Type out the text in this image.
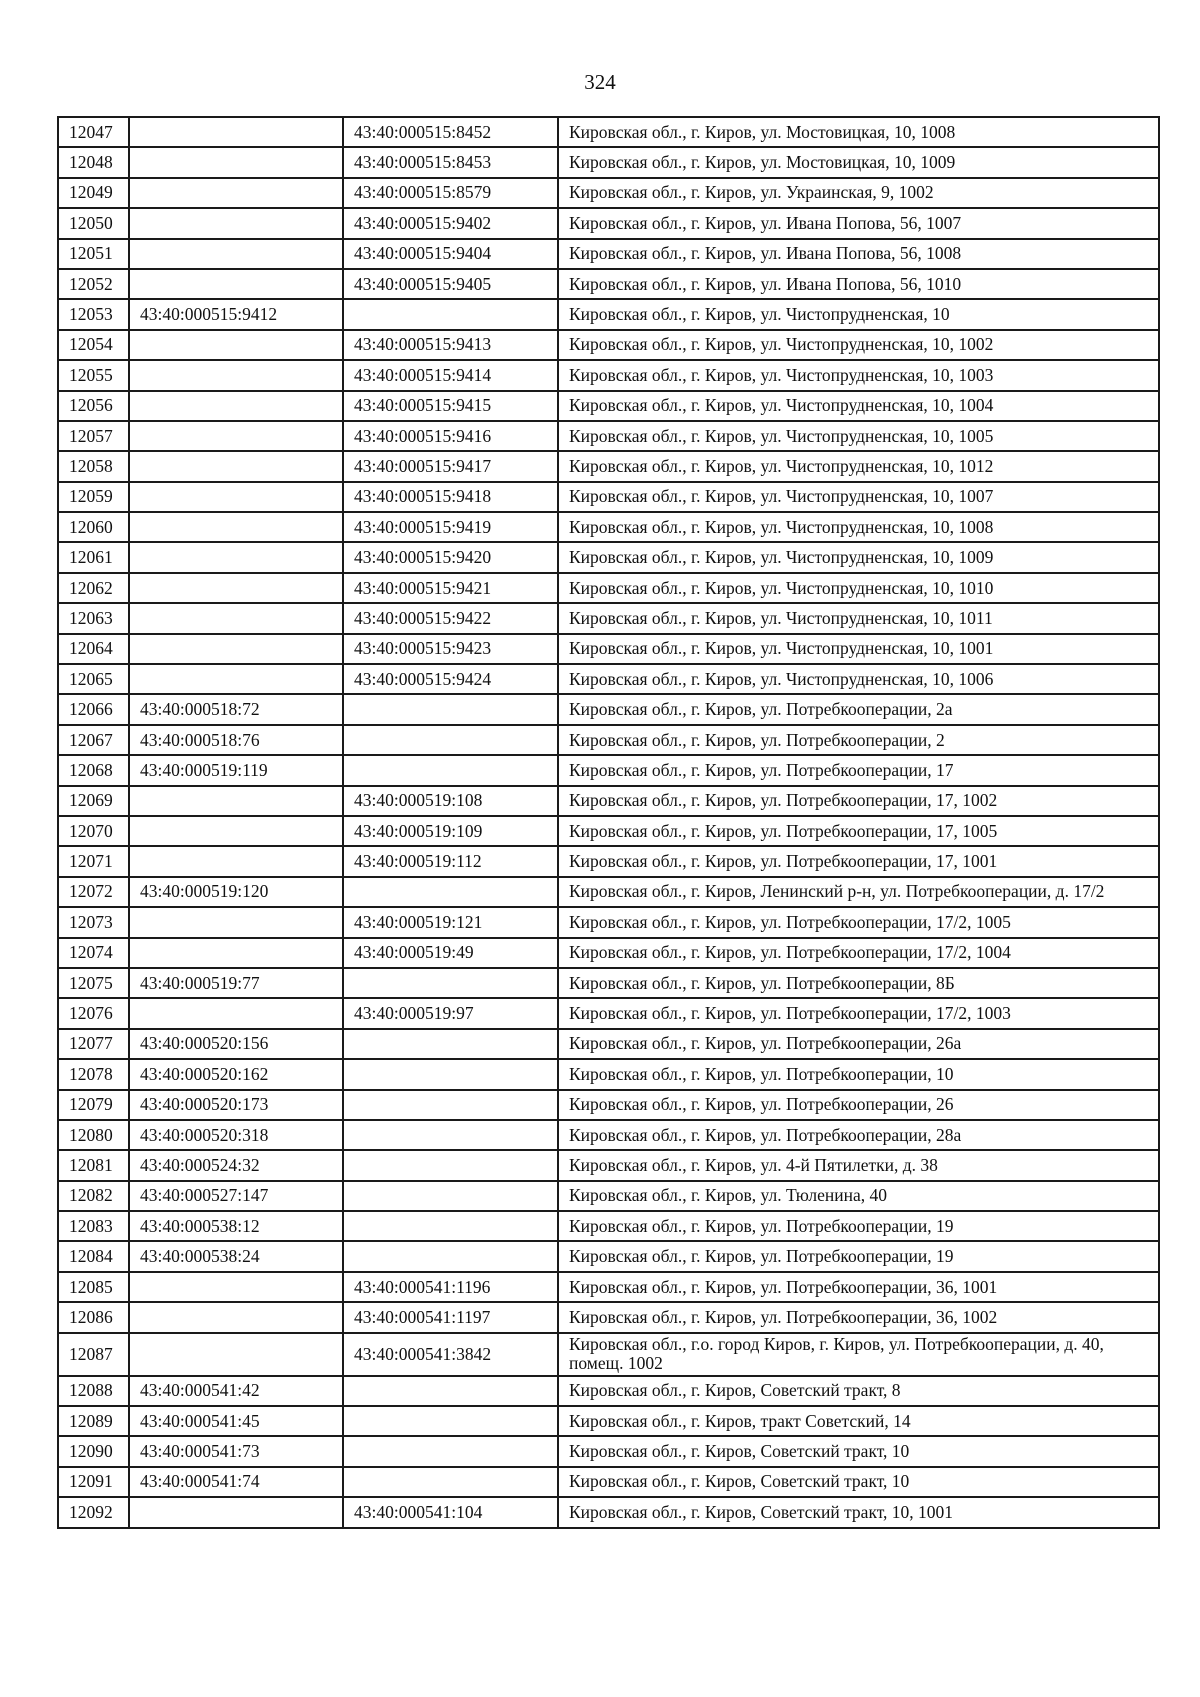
324
12047		43:40:000515:8452	Кировская обл., г. Киров, ул. Мостовицкая, 10, 1008
12048		43:40:000515:8453	Кировская обл., г. Киров, ул. Мостовицкая, 10, 1009
12049		43:40:000515:8579	Кировская обл., г. Киров, ул. Украинская, 9, 1002
12050		43:40:000515:9402	Кировская обл., г. Киров, ул. Ивана Попова, 56, 1007
12051		43:40:000515:9404	Кировская обл., г. Киров, ул. Ивана Попова, 56, 1008
12052		43:40:000515:9405	Кировская обл., г. Киров, ул. Ивана Попова, 56, 1010
12053	43:40:000515:9412		Кировская обл., г. Киров, ул. Чистопрудненская, 10
12054		43:40:000515:9413	Кировская обл., г. Киров, ул. Чистопрудненская, 10, 1002
12055		43:40:000515:9414	Кировская обл., г. Киров, ул. Чистопрудненская, 10, 1003
12056		43:40:000515:9415	Кировская обл., г. Киров, ул. Чистопрудненская, 10, 1004
12057		43:40:000515:9416	Кировская обл., г. Киров, ул. Чистопрудненская, 10, 1005
12058		43:40:000515:9417	Кировская обл., г. Киров, ул. Чистопрудненская, 10, 1012
12059		43:40:000515:9418	Кировская обл., г. Киров, ул. Чистопрудненская, 10, 1007
12060		43:40:000515:9419	Кировская обл., г. Киров, ул. Чистопрудненская, 10, 1008
12061		43:40:000515:9420	Кировская обл., г. Киров, ул. Чистопрудненская, 10, 1009
12062		43:40:000515:9421	Кировская обл., г. Киров, ул. Чистопрудненская, 10, 1010
12063		43:40:000515:9422	Кировская обл., г. Киров, ул. Чистопрудненская, 10, 1011
12064		43:40:000515:9423	Кировская обл., г. Киров, ул. Чистопрудненская, 10, 1001
12065		43:40:000515:9424	Кировская обл., г. Киров, ул. Чистопрудненская, 10, 1006
12066	43:40:000518:72		Кировская обл., г. Киров, ул. Потребкооперации, 2а
12067	43:40:000518:76		Кировская обл., г. Киров, ул. Потребкооперации, 2
12068	43:40:000519:119		Кировская обл., г. Киров, ул. Потребкооперации, 17
12069		43:40:000519:108	Кировская обл., г. Киров, ул. Потребкооперации, 17, 1002
12070		43:40:000519:109	Кировская обл., г. Киров, ул. Потребкооперации, 17, 1005
12071		43:40:000519:112	Кировская обл., г. Киров, ул. Потребкооперации, 17, 1001
12072	43:40:000519:120		Кировская обл., г. Киров, Ленинский р-н, ул. Потребкооперации, д. 17/2
12073		43:40:000519:121	Кировская обл., г. Киров, ул. Потребкооперации, 17/2, 1005
12074		43:40:000519:49	Кировская обл., г. Киров, ул. Потребкооперации, 17/2, 1004
12075	43:40:000519:77		Кировская обл., г. Киров, ул. Потребкооперации, 8Б
12076		43:40:000519:97	Кировская обл., г. Киров, ул. Потребкооперации, 17/2, 1003
12077	43:40:000520:156		Кировская обл., г. Киров, ул. Потребкооперации, 26а
12078	43:40:000520:162		Кировская обл., г. Киров, ул. Потребкооперации, 10
12079	43:40:000520:173		Кировская обл., г. Киров, ул. Потребкооперации, 26
12080	43:40:000520:318		Кировская обл., г. Киров, ул. Потребкооперации, 28а
12081	43:40:000524:32		Кировская обл., г. Киров, ул. 4-й Пятилетки, д. 38
12082	43:40:000527:147		Кировская обл., г. Киров, ул. Тюленина, 40
12083	43:40:000538:12		Кировская обл., г. Киров, ул. Потребкооперации, 19
12084	43:40:000538:24		Кировская обл., г. Киров, ул. Потребкооперации, 19
12085		43:40:000541:1196	Кировская обл., г. Киров, ул. Потребкооперации, 36, 1001
12086		43:40:000541:1197	Кировская обл., г. Киров, ул. Потребкооперации, 36, 1002
12087		43:40:000541:3842	Кировская обл., г.о. город Киров, г. Киров, ул. Потребкооперации, д. 40, помещ. 1002
12088	43:40:000541:42		Кировская обл., г. Киров, Советский тракт, 8
12089	43:40:000541:45		Кировская обл., г. Киров, тракт Советский, 14
12090	43:40:000541:73		Кировская обл., г. Киров, Советский тракт, 10
12091	43:40:000541:74		Кировская обл., г. Киров, Советский тракт, 10
12092		43:40:000541:104	Кировская обл., г. Киров, Советский тракт, 10, 1001
